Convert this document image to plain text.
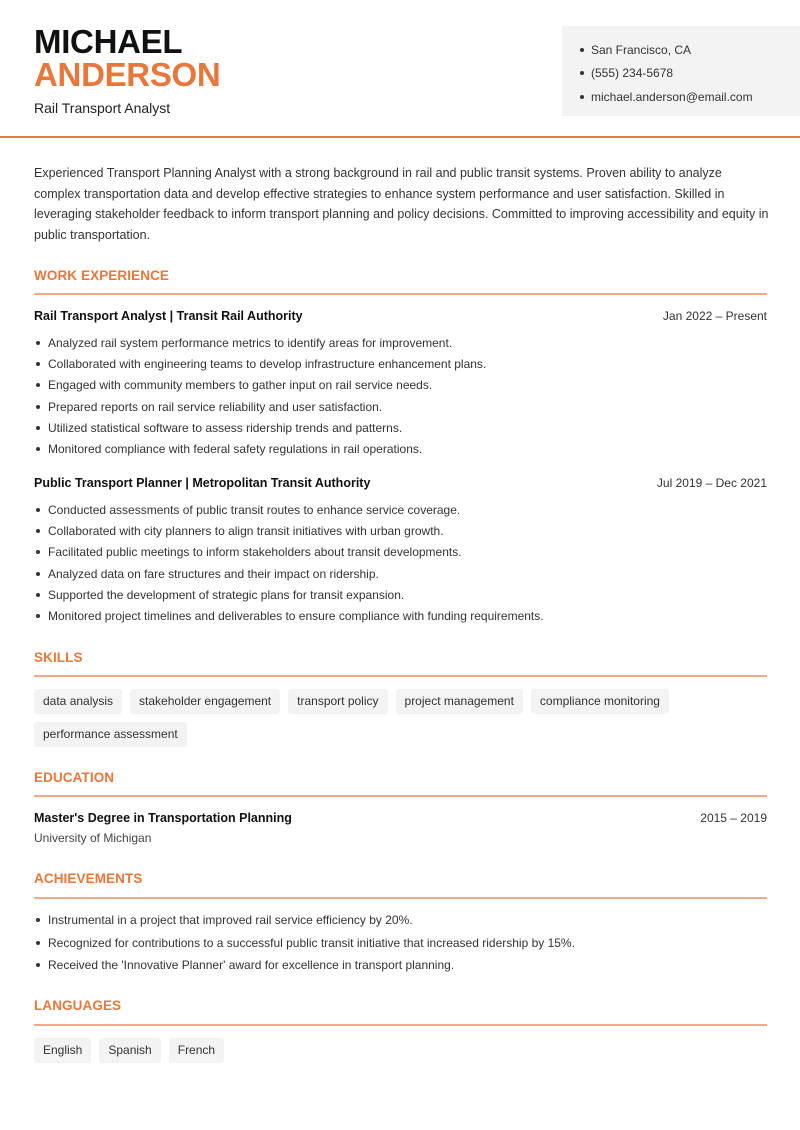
MICHAEL
ANDERSON
Rail Transport Analyst
San Francisco, CA
(555) 234-5678
michael.anderson@email.com

Experienced Transport Planning Analyst with a strong background in rail and public transit systems. Proven ability to analyze complex transportation data and develop effective strategies to enhance system performance and user satisfaction. Skilled in leveraging stakeholder feedback to inform transport planning and policy decisions. Committed to improving accessibility and equity in public transportation.

WORK EXPERIENCE
Rail Transport Analyst | Transit Rail Authority	Jan 2022 – Present
Analyzed rail system performance metrics to identify areas for improvement.
Collaborated with engineering teams to develop infrastructure enhancement plans.
Engaged with community members to gather input on rail service needs.
Prepared reports on rail service reliability and user satisfaction.
Utilized statistical software to assess ridership trends and patterns.
Monitored compliance with federal safety regulations in rail operations.
Public Transport Planner | Metropolitan Transit Authority	Jul 2019 – Dec 2021
Conducted assessments of public transit routes to enhance service coverage.
Collaborated with city planners to align transit initiatives with urban growth.
Facilitated public meetings to inform stakeholders about transit developments.
Analyzed data on fare structures and their impact on ridership.
Supported the development of strategic plans for transit expansion.
Monitored project timelines and deliverables to ensure compliance with funding requirements.
SKILLS
data analysis	stakeholder engagement	transport policy	project management	compliance monitoring
performance assessment
EDUCATION
Master's Degree in Transportation Planning	2015 – 2019
University of Michigan
ACHIEVEMENTS
Instrumental in a project that improved rail service efficiency by 20%.
Recognized for contributions to a successful public transit initiative that increased ridership by 15%.
Received the 'Innovative Planner' award for excellence in transport planning.
LANGUAGES
English	Spanish	French
